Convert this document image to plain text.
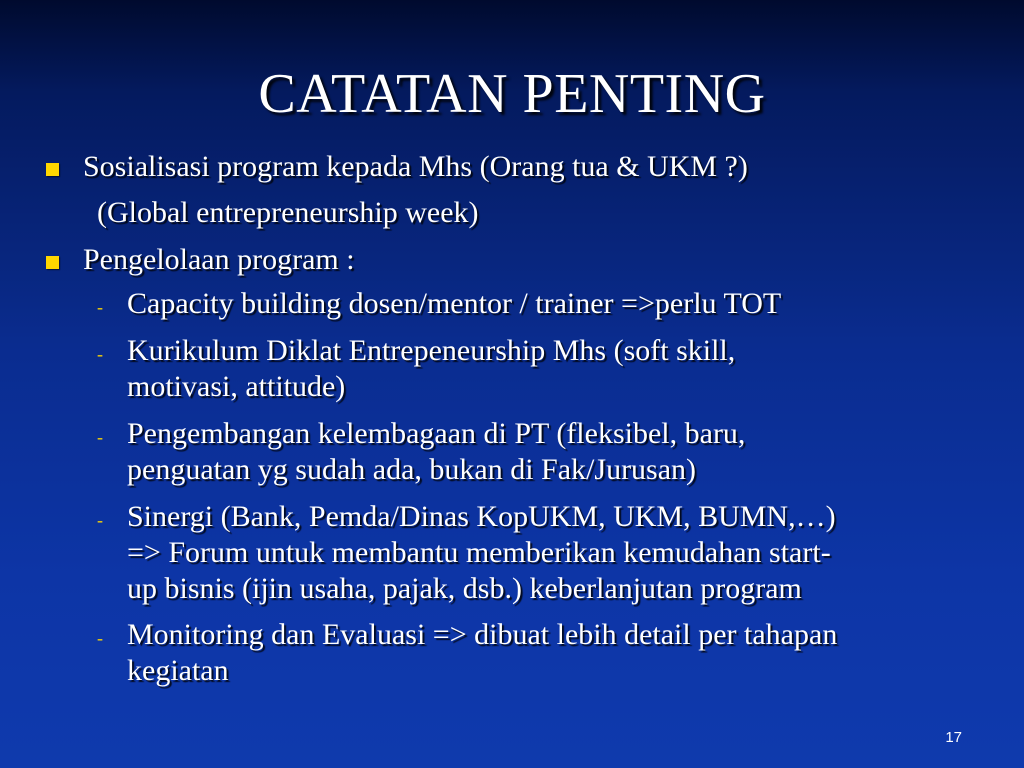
CATATAN PENTING
Sosialisasi program kepada Mhs (Orang tua & UKM ?)
(Global entrepreneurship week)
Pengelolaan program :
- Capacity building dosen/mentor / trainer =>perlu TOT
- Kurikulum Diklat Entrepeneurship Mhs (soft skill,
motivasi, attitude)
- Pengembangan kelembagaan di PT (fleksibel, baru,
penguatan yg sudah ada, bukan di Fak/Jurusan)
- Sinergi (Bank, Pemda/Dinas KopUKM, UKM, BUMN,…)
=> Forum untuk membantu memberikan kemudahan start-
up bisnis (ijin usaha, pajak, dsb.) keberlanjutan program
- Monitoring dan Evaluasi => dibuat lebih detail per tahapan
kegiatan
17
